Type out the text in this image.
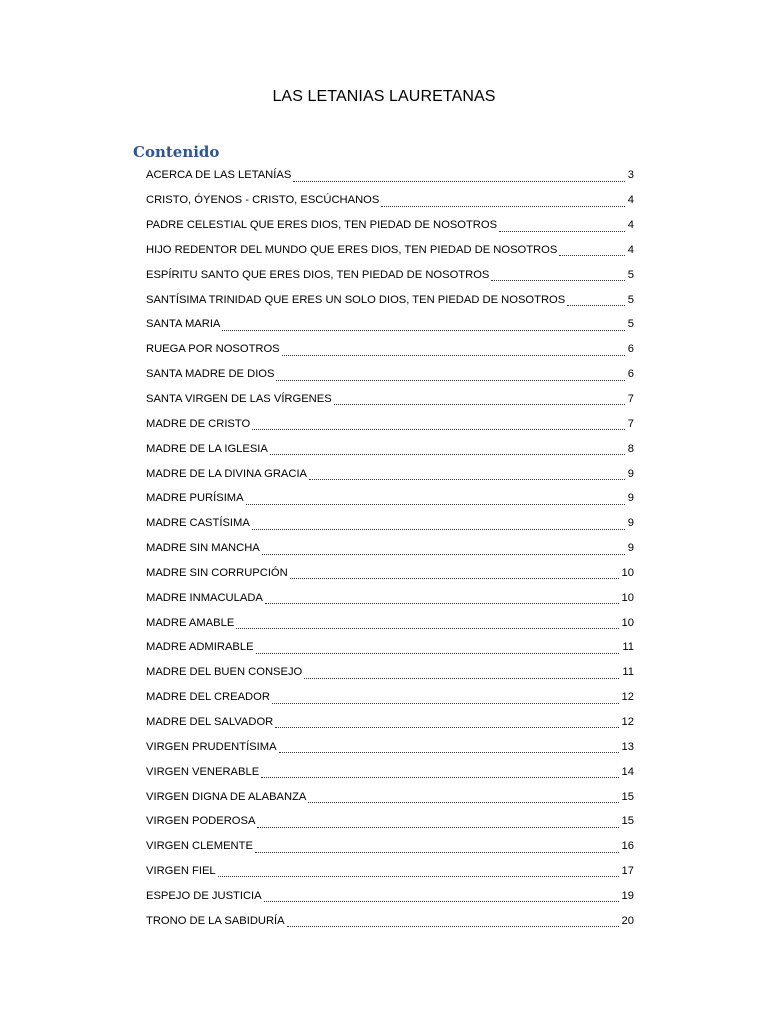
LAS LETANIAS LAURETANAS
Contenido
ACERCA DE LAS LETANÍAS	3
CRISTO, ÓYENOS - CRISTO, ESCÚCHANOS	4
PADRE CELESTIAL QUE ERES DIOS, TEN PIEDAD DE NOSOTROS	4
HIJO REDENTOR DEL MUNDO QUE ERES DIOS, TEN PIEDAD DE NOSOTROS	4
ESPÍRITU SANTO QUE ERES DIOS, TEN PIEDAD DE NOSOTROS	5
SANTÍSIMA TRINIDAD QUE ERES UN SOLO DIOS, TEN PIEDAD DE NOSOTROS	5
SANTA MARIA	5
RUEGA POR NOSOTROS	6
SANTA MADRE DE DIOS	6
SANTA VIRGEN DE LAS VÍRGENES	7
MADRE DE CRISTO	7
MADRE DE LA IGLESIA	8
MADRE DE LA DIVINA GRACIA	9
MADRE PURÍSIMA	9
MADRE CASTÍSIMA	9
MADRE SIN MANCHA	9
MADRE SIN CORRUPCIÓN	10
MADRE INMACULADA	10
MADRE AMABLE	10
MADRE ADMIRABLE	11
MADRE DEL BUEN CONSEJO	11
MADRE DEL CREADOR	12
MADRE DEL SALVADOR	12
VIRGEN PRUDENTÍSIMA	13
VIRGEN VENERABLE	14
VIRGEN DIGNA DE ALABANZA	15
VIRGEN PODEROSA	15
VIRGEN CLEMENTE	16
VIRGEN FIEL	17
ESPEJO DE JUSTICIA	19
TRONO DE LA SABIDURÍA	20
